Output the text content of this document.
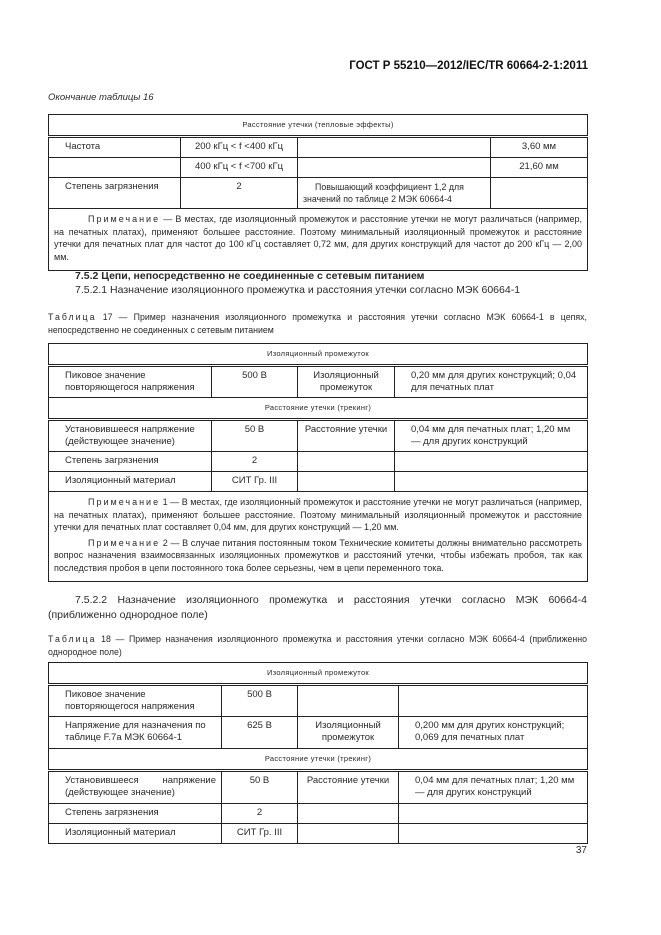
ГОСТ Р 55210—2012/IEC/TR 60664-2-1:2011
Окончание таблицы 16
Расстояние утечки (тепловые эффекты)			
Частота	200 кГц < f <400 кГц		3,60 мм
	400 кГц < f <700 кГц		21,60 мм
Степень загрязнения	2	Повышающий коэффициент 1,2 для значений по таблице 2 МЭК 60664-4	

Примечание — В местах, где изоляционный промежуток и расстояние утечки не могут различаться (например, на печатных платах), применяют большее расстояние. Поэтому минимальный изоляционный промежуток и расстояние утечки для печатных плат для частот до 100 кГц составляет 0,72 мм, для других конструкций для частот до 200 кГц — 2,00 мм.			

7.5.2 Цепи, непосредственно не соединенные с сетевым питанием
7.5.2.1 Назначение изоляционного промежутка и расстояния утечки согласно МЭК 60664-1
Таблица 17 — Пример назначения изоляционного промежутка и расстояния утечки согласно МЭК 60664-1 в цепях, непосредственно не соединенных с сетевым питанием
Изоляционный промежуток			
Пиковое значение повторяющегося напряжения	500 В	Изоляционный промежуток	0,20 мм для других конструкций; 0,04 для печатных плат
Расстояние утечки (трекинг)			
Установившееся напряжение (действующее значение)	50 В	Расстояние утечки	0,04 мм для печатных плат; 1,20 мм — для других конструкций
Степень загрязнения	2		
Изоляционный материал	СИТ Гр. III		

Примечание 1 — В местах, где изоляционный промежуток и расстояние утечки не могут различаться (например, на печатных платах), применяют большее расстояние. Поэтому минимальный изоляционный промежуток и расстояние утечки для печатных плат составляет 0,04 мм, для других конструкций — 1,20 мм.

Примечание 2 — В случае питания постоянным током Технические комитеты должны внимательно рассмотреть вопрос назначения взаимосвязанных изоляционных промежутков и расстояний утечки, чтобы избежать пробоя, так как последствия пробоя в цепи постоянного тока более серьезны, чем в цепи переменного тока.			

7.5.2.2 Назначение изоляционного промежутка и расстояния утечки согласно МЭК 60664-4 (приближенно однородное поле)
Таблица 18 — Пример назначения изоляционного промежутка и расстояния утечки согласно МЭК 60664-4 (приближенно однородное поле)
Изоляционный промежуток			
Пиковое значение повторяющегося напряжения	500 В		
Напряжение для назначения по таблице F.7a МЭК 60664-1	625 В	Изоляционный промежуток	0,200 мм для других конструкций; 0,069 для печатных плат
Расстояние утечки (трекинг)			
Установившееся напряжение (действующее значение)	50 В	Расстояние утечки	0,04 мм для печатных плат; 1,20 мм — для других конструкций
Степень загрязнения	2		
Изоляционный материал	СИТ Гр. III		
37
